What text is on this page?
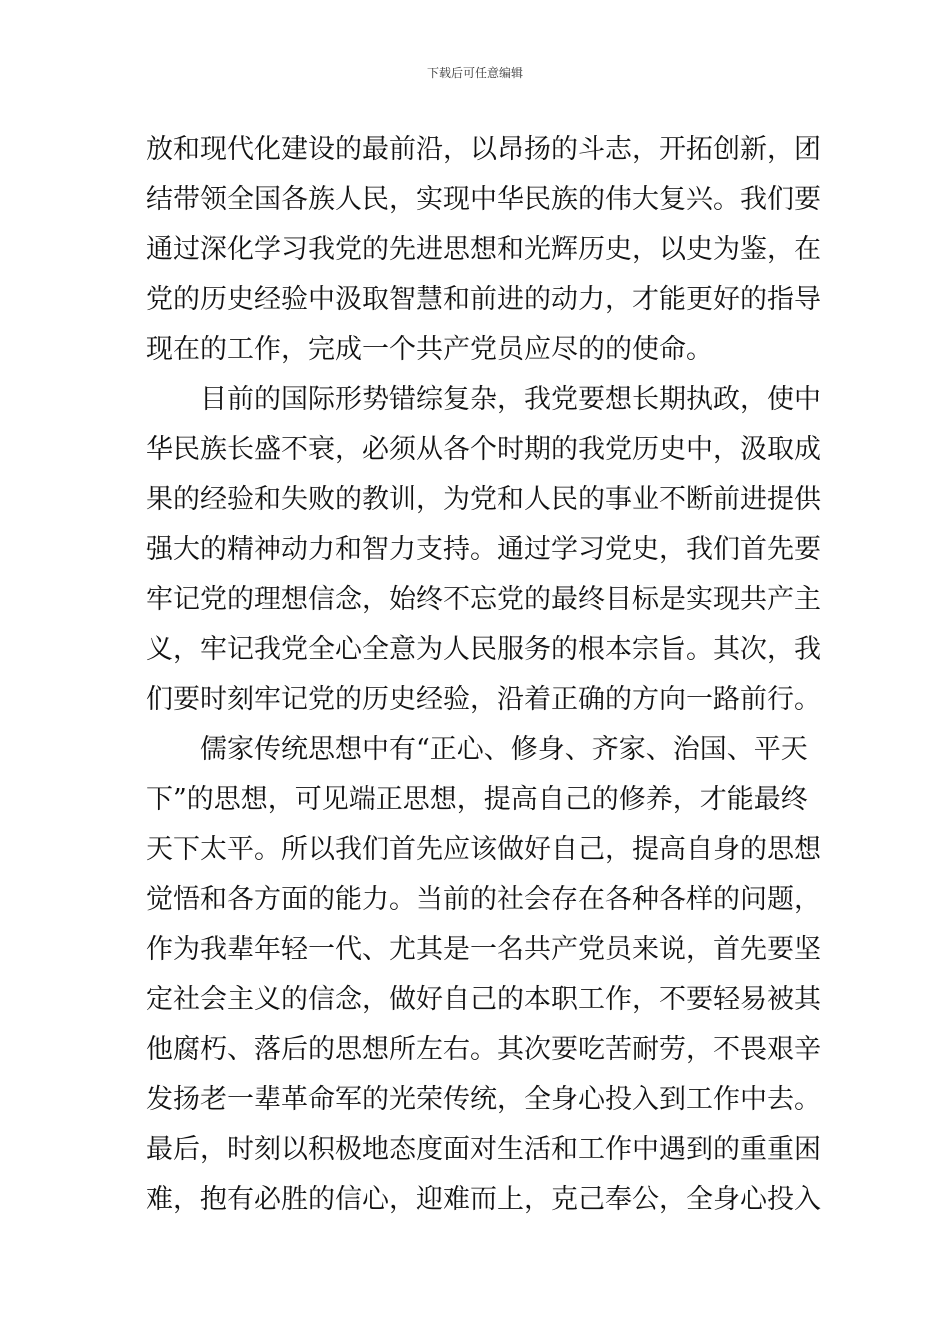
下载后可任意编辑
放和现代化建设的最前沿，以昂扬的斗志，开拓创新，团
结带领全国各族人民，实现中华民族的伟大复兴。我们要
通过深化学习我党的先进思想和光辉历史，以史为鉴，在
党的历史经验中汲取智慧和前进的动力，才能更好的指导
现在的工作，完成一个共产党员应尽的的使命。
目前的国际形势错综复杂，我党要想长期执政，使中
华民族长盛不衰，必须从各个时期的我党历史中，汲取成
果的经验和失败的教训，为党和人民的事业不断前进提供
强大的精神动力和智力支持。通过学习党史，我们首先要
牢记党的理想信念，始终不忘党的最终目标是实现共产主
义，牢记我党全心全意为人民服务的根本宗旨。其次，我
们要时刻牢记党的历史经验，沿着正确的方向一路前行。
儒家传统思想中有“正心、修身、齐家、治国、平天
下”的思想，可见端正思想，提高自己的修养，才能最终
天下太平。所以我们首先应该做好自己，提高自身的思想
觉悟和各方面的能力。当前的社会存在各种各样的问题，
作为我辈年轻一代、尤其是一名共产党员来说，首先要坚
定社会主义的信念，做好自己的本职工作，不要轻易被其
他腐朽、落后的思想所左右。其次要吃苦耐劳，不畏艰辛
发扬老一辈革命军的光荣传统，全身心投入到工作中去。
最后，时刻以积极地态度面对生活和工作中遇到的重重困
难，抱有必胜的信心，迎难而上，克己奉公，全身心投入
